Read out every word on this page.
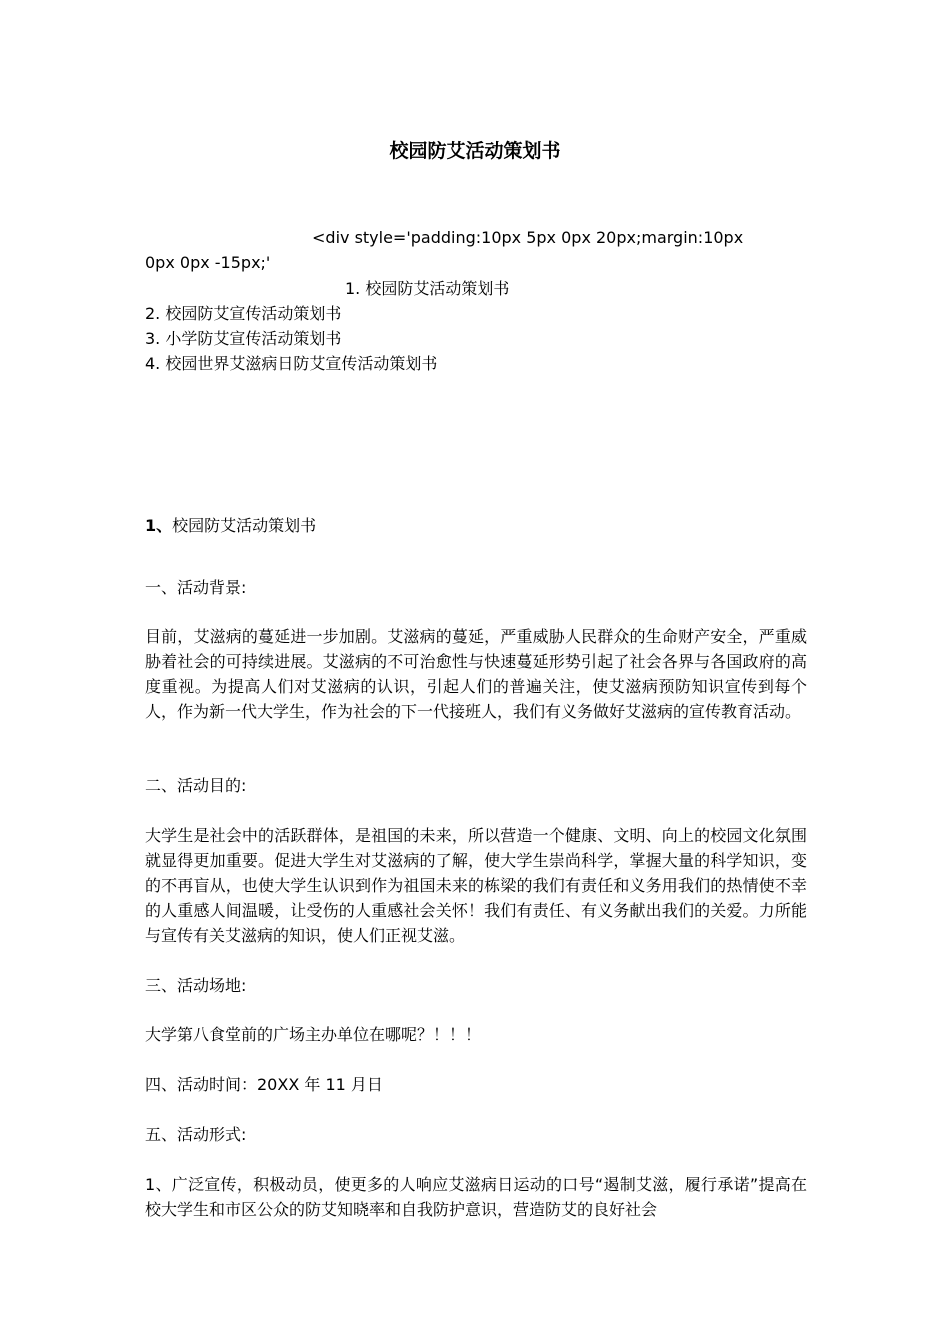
校园防艾活动策划书
<div style='padding:10px 5px 0px 20px;margin:10px
0px 0px -15px;'
1. 校园防艾活动策划书
2. 校园防艾宣传活动策划书
3. 小学防艾宣传活动策划书
4. 校园世界艾滋病日防艾宣传活动策划书
1、校园防艾活动策划书
一、活动背景:
目前，艾滋病的蔓延进一步加剧。艾滋病的蔓延，严重威胁人民群众的生命财产安全，严重威胁着社会的可持续进展。艾滋病的不可治愈性与快速蔓延形势引起了社会各界与各国政府的高度重视。为提高人们对艾滋病的认识，引起人们的普遍关注，使艾滋病预防知识宣传到每个人，作为新一代大学生，作为社会的下一代接班人，我们有义务做好艾滋病的宣传教育活动。
二、活动目的:
大学生是社会中的活跃群体，是祖国的未来，所以营造一个健康、文明、向上的校园文化氛围就显得更加重要。促进大学生对艾滋病的了解，使大学生崇尚科学，掌握大量的科学知识，变的不再盲从，也使大学生认识到作为祖国未来的栋梁的我们有责任和义务用我们的热情使不幸的人重感人间温暖，让受伤的人重感社会关怀！我们有责任、有义务献出我们的关爱。力所能与宣传有关艾滋病的知识，使人们正视艾滋。
三、活动场地:
大学第八食堂前的广场主办单位在哪呢？！！！
四、活动时间：20XX 年 11 月日
五、活动形式:
1、广泛宣传，积极动员，使更多的人响应艾滋病日运动的口号“遏制艾滋，履行承诺”提高在校大学生和市区公众的防艾知晓率和自我防护意识，营造防艾的良好社会
